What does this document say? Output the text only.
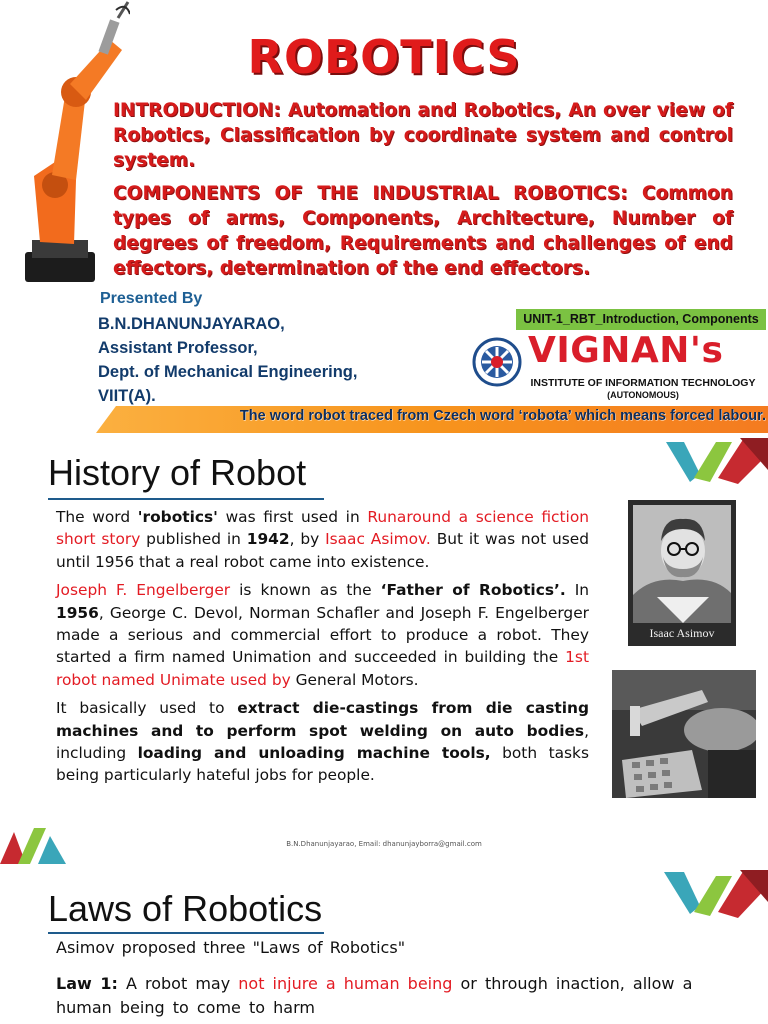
ROBOTICS

INTRODUCTION: Automation and Robotics, An over view of Robotics, Classification by coordinate system and control system.

COMPONENTS OF THE INDUSTRIAL ROBOTICS: Common types of arms, Components, Architecture, Number of degrees of freedom, Requirements and challenges of end effectors, determination of the end effectors.

Presented By
B.N.DHANUNJAYARAO,
Assistant Professor,
Dept. of Mechanical Engineering,
VIIT(A).
UNIT-1_RBT_Introduction, Components
VIGNAN's
INSTITUTE OF INFORMATION TECHNOLOGY
(AUTONOMOUS)
The word robot traced from Czech word ‘robota’ which means forced labour.
History of Robot

The word 'robotics' was first used in Runaround a science fiction short story published in 1942, by Isaac Asimov. But it was not used until 1956 that a real robot came into existence.

Joseph F. Engelberger is known as the ‘Father of Robotics’. In 1956, George C. Devol, Norman Schafler and Joseph F. Engelberger made a serious and commercial effort to produce a robot. They started a firm named Unimation and succeeded in building the 1st robot named Unimate used by General Motors.

It basically used to extract die-castings from die casting machines and to perform spot welding on auto bodies, including loading and unloading machine tools, both tasks being particularly hateful jobs for people.

Isaac Asimov
B.N.Dhanunjayarao, Email: dhanunjayborra@gmail.com
Laws of Robotics
Asimov proposed three "Laws of Robotics"
Law 1: A robot may not injure a human being or through inaction, allow a human being to come to harm
